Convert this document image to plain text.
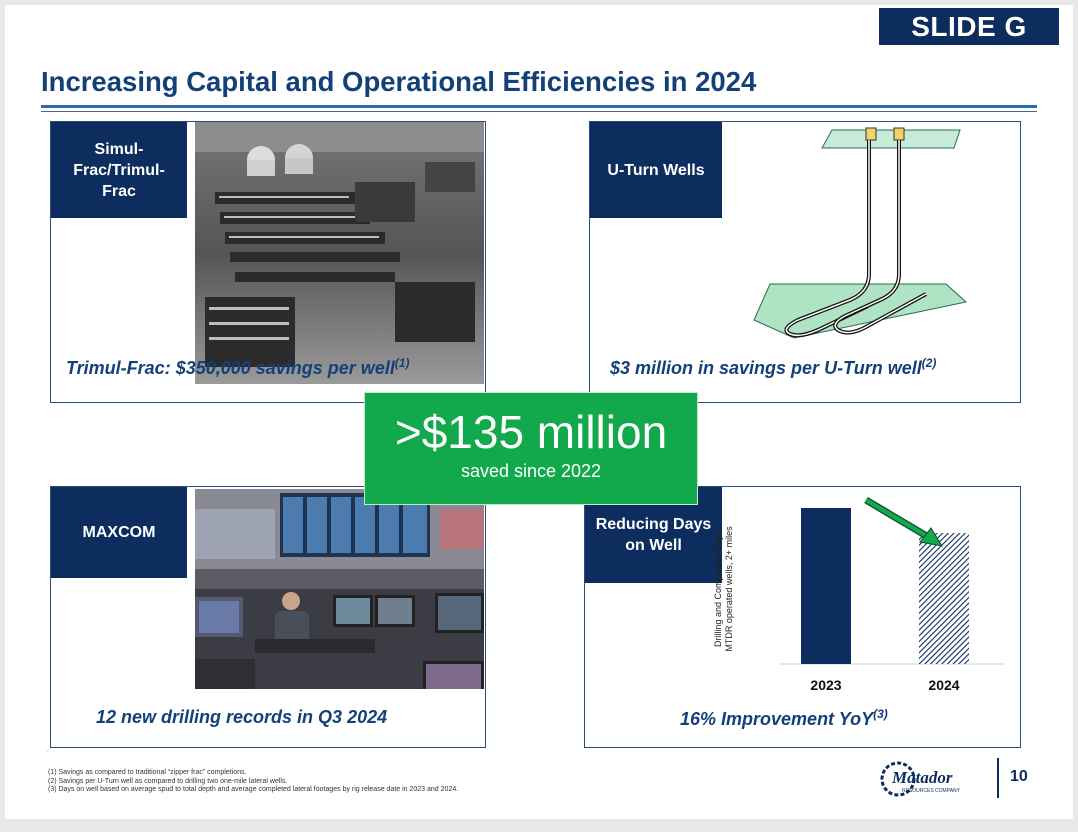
SLIDE G
Increasing Capital and Operational Efficiencies in 2024
Simul-Frac/Trimul-Frac
Trimul-Frac: $350,000 savings per well$^{(1)}$
U-Turn Wells
$3 million in savings per U-Turn well$^{(2)}$
MAXCOM
12 new drilling records in Q3 2024
Reducing Days on Well	Drilling and Completion Days MTDR operated wells, 2+ miles
2023	2024
16% Improvement YoY$^{(3)}$
>$135 million
saved since 2022
.
(1) Savings as compared to traditional “zipper frac” completions.
(2) Savings per U-Turn well as compared to drilling two one-mile lateral wells.
(3) Days on well based on average spud to total depth and average completed lateral footages by rig release date in 2023 and 2024.
Matador
RESOURCES COMPANY
10
